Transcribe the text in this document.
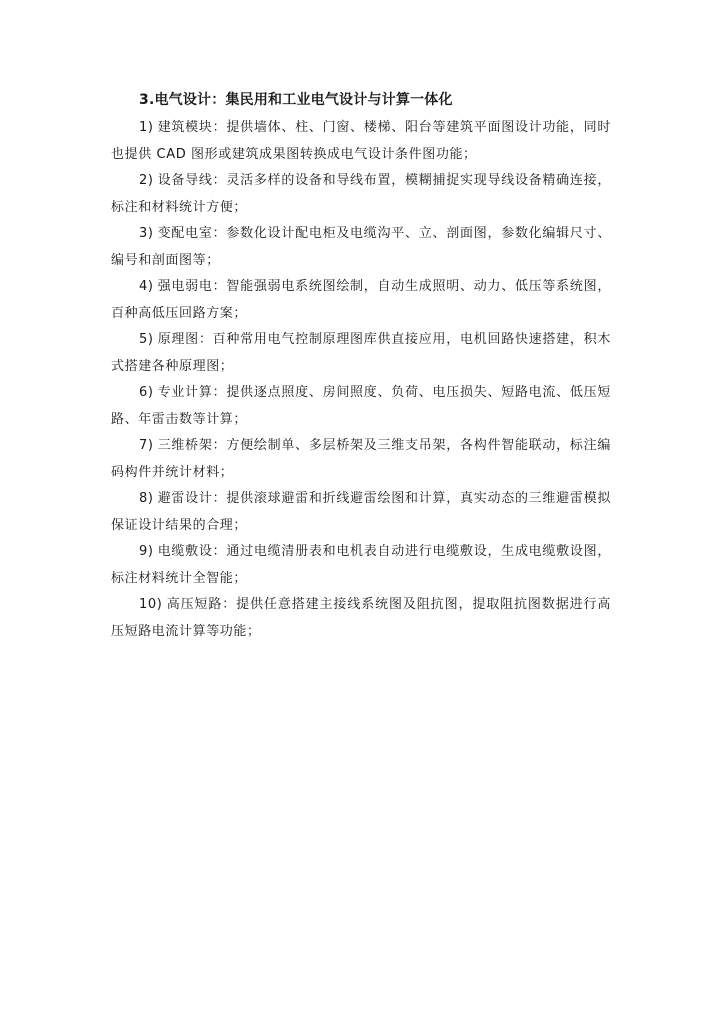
3.电气设计：集民用和工业电气设计与计算一体化

1) 建筑模块：提供墙体、柱、门窗、楼梯、阳台等建筑平面图设计功能，同时也提供 CAD 图形或建筑成果图转换成电气设计条件图功能；

2) 设备导线：灵活多样的设备和导线布置，模糊捕捉实现导线设备精确连接，标注和材料统计方便；

3) 变配电室：参数化设计配电柜及电缆沟平、立、剖面图，参数化编辑尺寸、编号和剖面图等；

4) 强电弱电：智能强弱电系统图绘制，自动生成照明、动力、低压等系统图，百种高低压回路方案；

5) 原理图：百种常用电气控制原理图库供直接应用，电机回路快速搭建，积木式搭建各种原理图；

6) 专业计算：提供逐点照度、房间照度、负荷、电压损失、短路电流、低压短路、年雷击数等计算；

7) 三维桥架：方便绘制单、多层桥架及三维支吊架，各构件智能联动，标注编码构件并统计材料；

8) 避雷设计：提供滚球避雷和折线避雷绘图和计算，真实动态的三维避雷模拟保证设计结果的合理；

9) 电缆敷设：通过电缆清册表和电机表自动进行电缆敷设，生成电缆敷设图，标注材料统计全智能；

10) 高压短路：提供任意搭建主接线系统图及阻抗图，提取阻抗图数据进行高压短路电流计算等功能；
